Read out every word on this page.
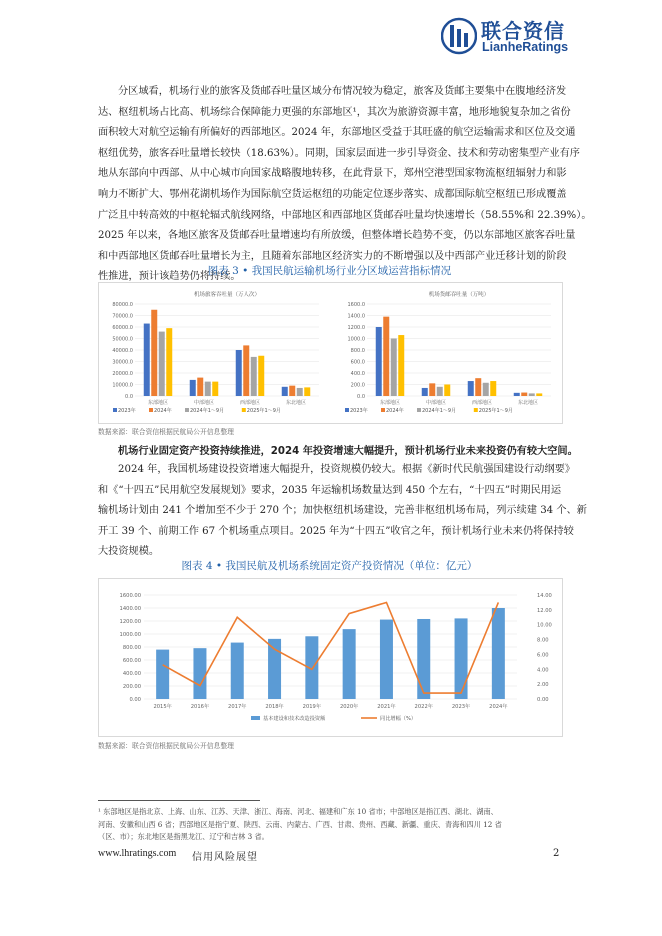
联合资信
LianheRatings
分区域看，机场行业的旅客及货邮吞吐量区域分布情况较为稳定，旅客及货邮主要集中在腹地经济发
达、枢纽机场占比高、机场综合保障能力更强的东部地区¹，其次为旅游资源丰富，地形地貌复杂加之省份
面积较大对航空运输有所偏好的西部地区。2024 年，东部地区受益于其旺盛的航空运输需求和区位及交通
枢纽优势，旅客吞吐量增长较快（18.63%）。同期，国家层面进一步引导资金、技术和劳动密集型产业有序
地从东部向中西部、从中心城市向国家战略腹地转移，在此背景下，郑州空港型国家物流枢纽辐射力和影
响力不断扩大、鄂州花湖机场作为国际航空货运枢纽的功能定位逐步落实、成都国际航空枢纽已形成覆盖
广泛且中转高效的中枢轮辐式航线网络，中部地区和西部地区货邮吞吐量均快速增长（58.55%和 22.39%）。
2025 年以来，各地区旅客及货邮吞吐量增速均有所放缓，但整体增长趋势不变，仍以东部地区旅客吞吐量
和中西部地区货邮吞吐量增长为主，且随着东部地区经济实力的不断增强以及中西部产业迁移计划的阶段
性推进，预计该趋势仍将持续。
图表 3 • 我国民航运输机场行业分区域运营指标情况
机场旅客吞吐量（万人次）
80000.0
70000.0
60000.0
50000.0
40000.0
30000.0
20000.0
10000.0
0.0
东部地区	中部地区	西部地区	东北地区
2023年	2024年	2024年1～9月	2025年1～9月
机场货邮吞吐量（万吨）
1600.0
1400.0
1200.0
1000.0
800.0
600.0
400.0
200.0
0.0
东部地区	中部地区	西部地区	东北地区
2023年	2024年	2024年1～9月	2025年1～9月
数据来源：联合资信根据民航局公开信息整理
机场行业固定资产投资持续推进，2024 年投资增速大幅提升，预计机场行业未来投资仍有较大空间。
2024 年，我国机场建设投资增速大幅提升，投资规模仍较大。根据《新时代民航强国建设行动纲要》
和《“十四五”民用航空发展规划》要求，2035 年运输机场数量达到 450 个左右，“十四五”时期民用运
输机场计划由 241 个增加至不少于 270 个；加快枢纽机场建设，完善非枢纽机场布局，列示续建 34 个、新
开工 39 个、前期工作 67 个机场重点项目。2025 年为“十四五”收官之年，预计机场行业未来仍将保持较
大投资规模。
图表 4 • 我国民航及机场系统固定资产投资情况（单位：亿元）
1600.00
1400.00
1200.00
1000.00
800.00
600.00
400.00
200.00
0.00
14.00
12.00
10.00
8.00
6.00
4.00
2.00
0.00
2015年	2016年	2017年	2018年	2019年	2020年	2021年	2022年	2023年	2024年
基本建设和技术改造投资额	同比增幅（%）
数据来源：联合资信根据民航局公开信息整理
¹ 东部地区是指北京、上海、山东、江苏、天津、浙江、海南、河北、福建和广东 10 省市；中部地区是指江西、湖北、湖南、
河南、安徽和山西 6 省；西部地区是指宁夏、陕西、云南、内蒙古、广西、甘肃、贵州、西藏、新疆、重庆、青海和四川 12 省
（区、市）；东北地区是指黑龙江、辽宁和吉林 3 省。
www.lhratings.com 信用风险展望	2
